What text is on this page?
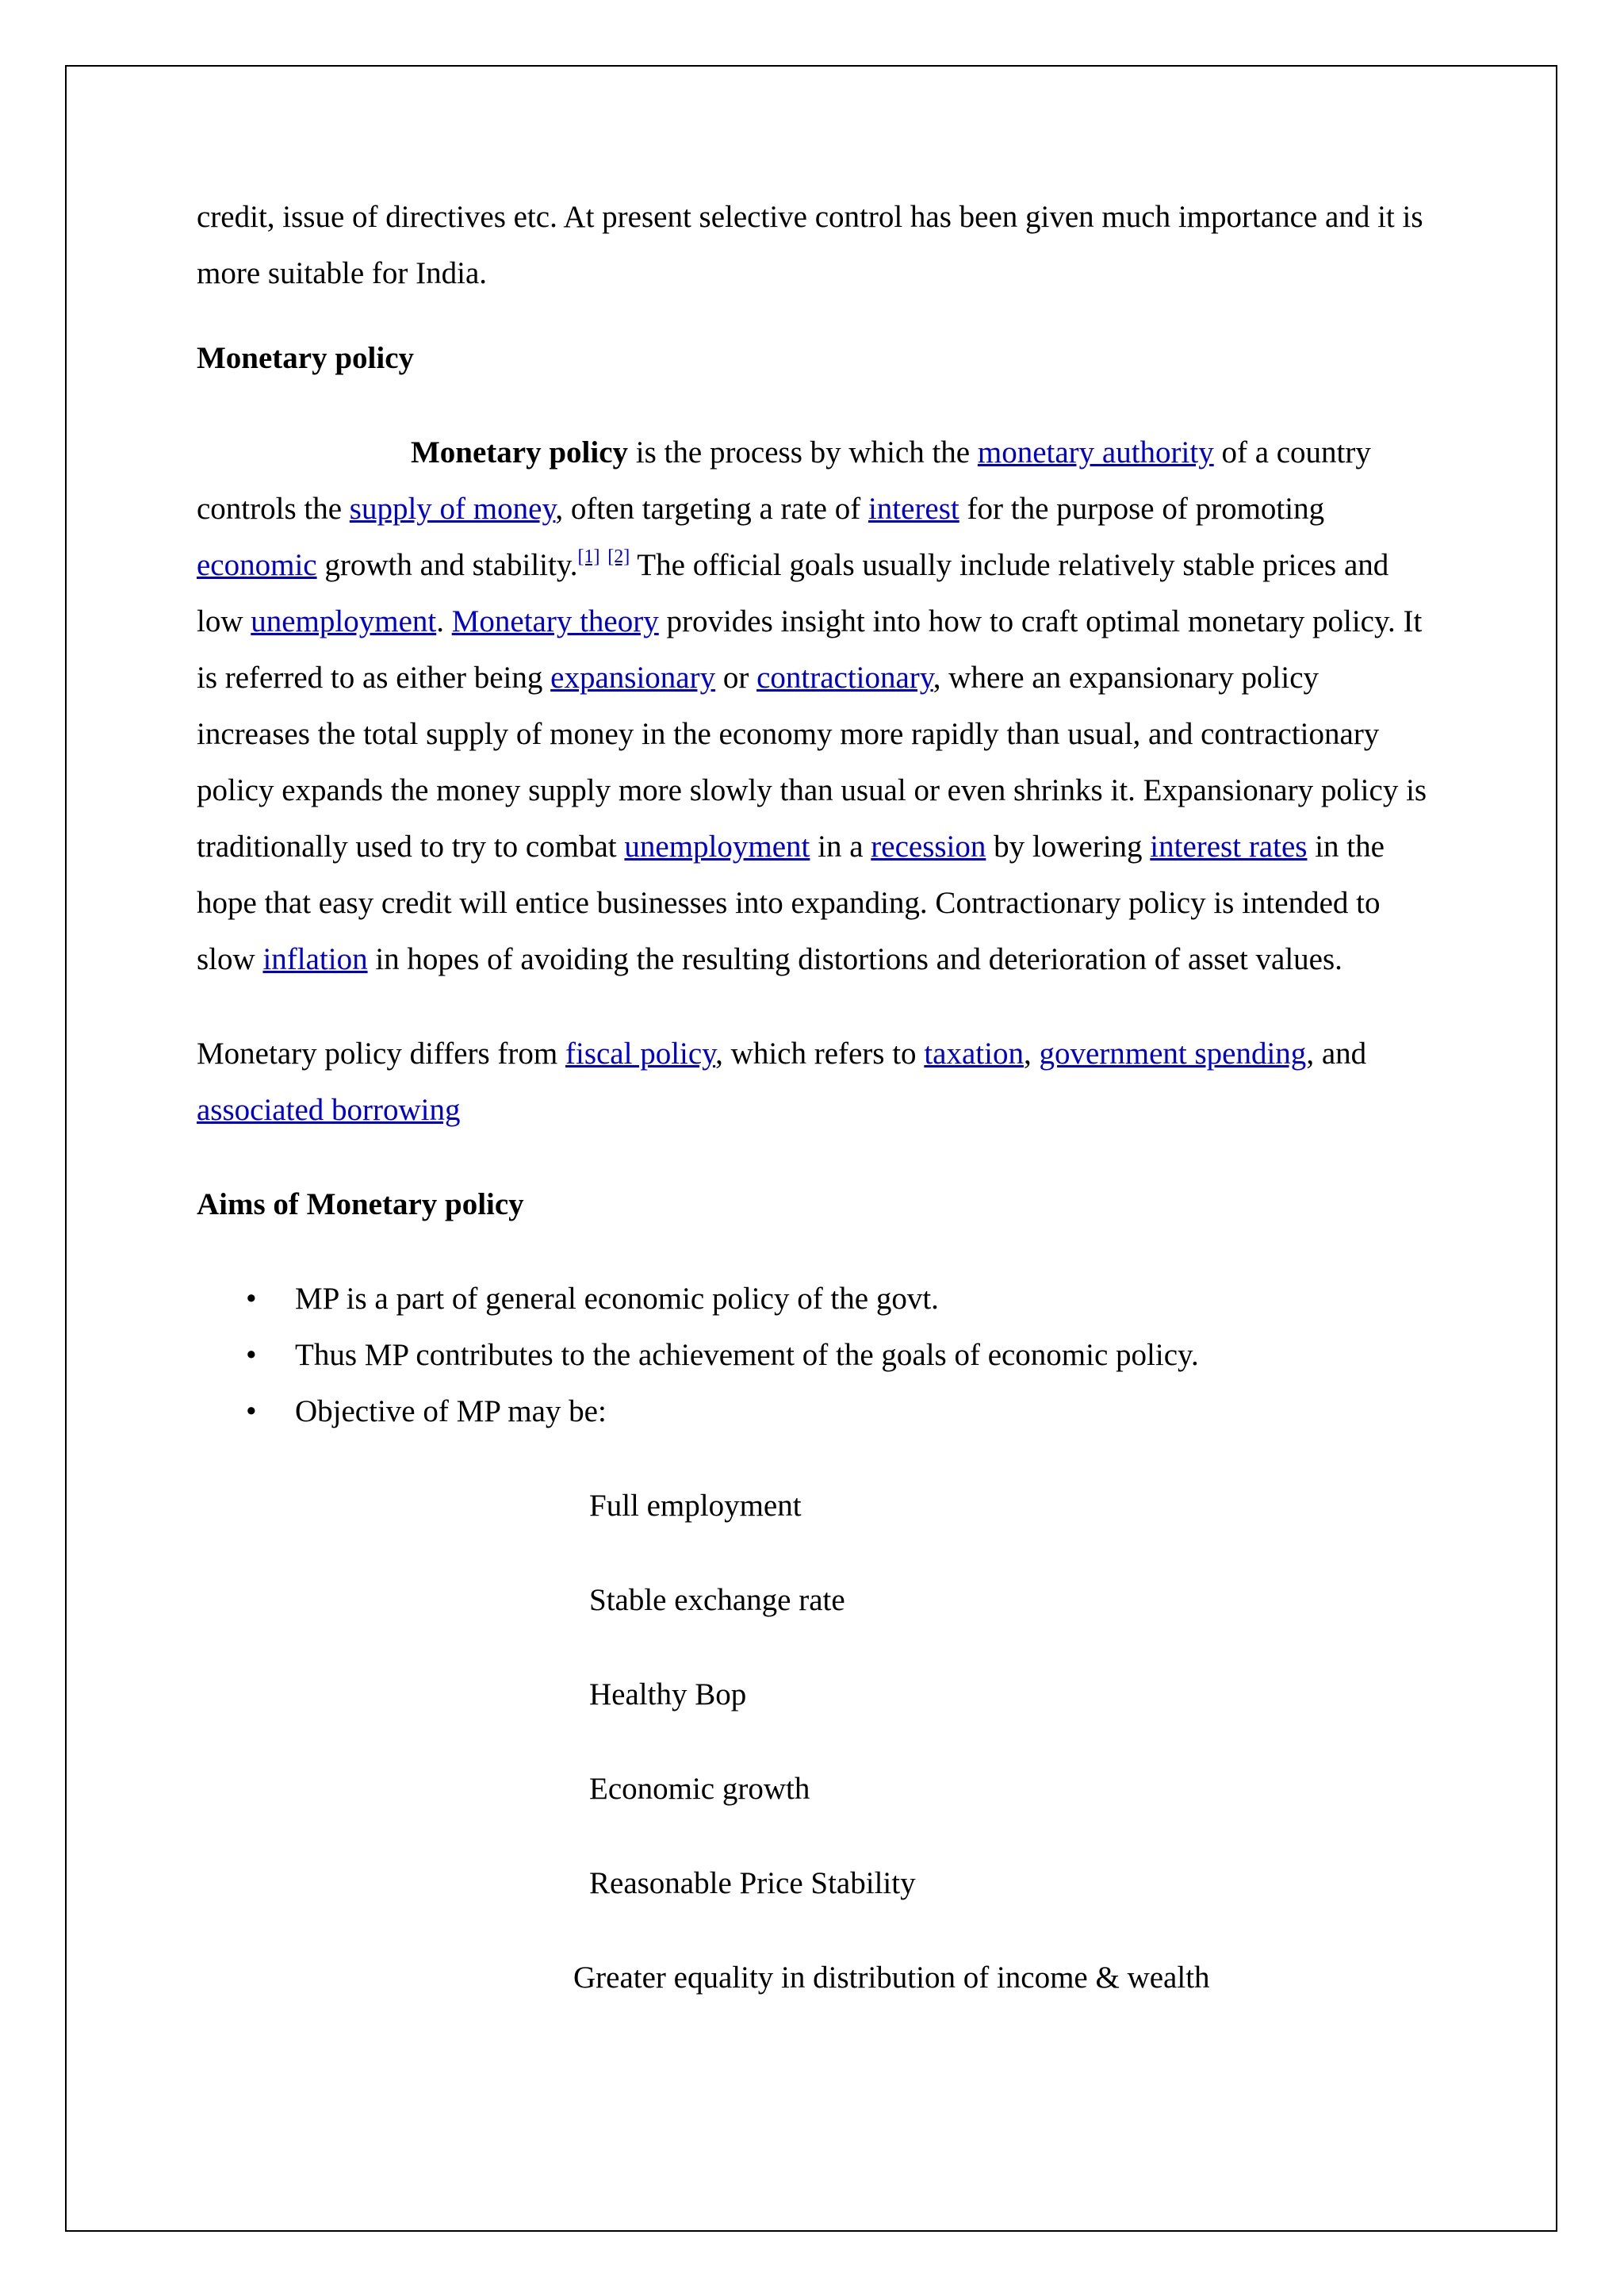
credit, issue of directives etc. At present selective control has been given much importance and it is more suitable for India.

Monetary policy

Monetary policy is the process by which the monetary authority of a country controls the supply of money, often targeting a rate of interest for the purpose of promoting economic growth and stability.[1] [2] The official goals usually include relatively stable prices and low unemployment. Monetary theory provides insight into how to craft optimal monetary policy. It is referred to as either being expansionary or contractionary, where an expansionary policy increases the total supply of money in the economy more rapidly than usual, and contractionary policy expands the money supply more slowly than usual or even shrinks it. Expansionary policy is traditionally used to try to combat unemployment in a recession by lowering interest rates in the hope that easy credit will entice businesses into expanding. Contractionary policy is intended to slow inflation in hopes of avoiding the resulting distortions and deterioration of asset values.

Monetary policy differs from fiscal policy, which refers to taxation, government spending, and associated borrowing

Aims of Monetary policy

• MP is a part of general economic policy of the govt.
• Thus MP contributes to the achievement of the goals of economic policy.
• Objective of MP may be:

Full employment

Stable exchange rate

Healthy Bop

Economic growth

Reasonable Price Stability

Greater equality in distribution of income & wealth
